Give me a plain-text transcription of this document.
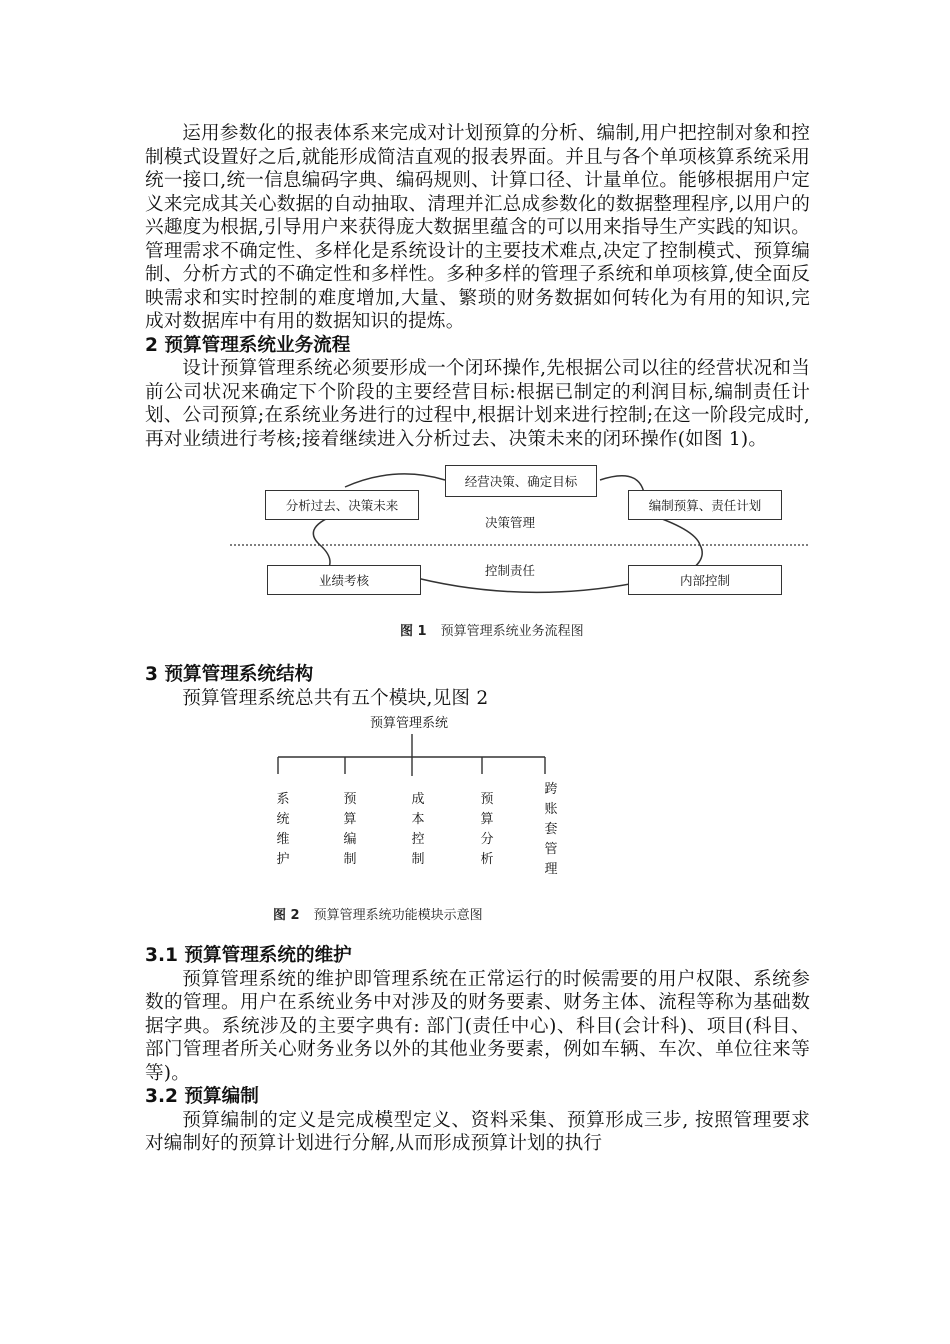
运用参数化的报表体系来完成对计划预算的分析、编制,用户把控制对象和控制模式设置好之后,就能形成简洁直观的报表界面。并且与各个单项核算系统采用统一接口,统一信息编码字典、编码规则、计算口径、计量单位。能够根据用户定义来完成其关心数据的自动抽取、清理并汇总成参数化的数据整理程序,以用户的兴趣度为根据,引导用户来获得庞大数据里蕴含的可以用来指导生产实践的知识。管理需求不确定性、多样化是系统设计的主要技术难点,决定了控制模式、预算编制、分析方式的不确定性和多样性。多种多样的管理子系统和单项核算,使全面反映需求和实时控制的难度增加,大量、繁琐的财务数据如何转化为有用的知识,完成对数据库中有用的数据知识的提炼。

2 预算管理系统业务流程

设计预算管理系统必须要形成一个闭环操作,先根据公司以往的经营状况和当前公司状况来确定下个阶段的主要经营目标:根据已制定的利润目标,编制责任计划、公司预算;在系统业务进行的过程中,根据计划来进行控制;在这一阶段完成时,再对业绩进行考核;接着继续进入分析过去、决策未来的闭环操作(如图 1)。

经营决策、确定目标
分析过去、决策未来	编制预算、责任计划
决策管理
业绩考核	内部控制
控制责任
图 1 预算管理系统业务流程图
3 预算管理系统结构

预算管理系统总共有五个模块,见图 2

预算管理系统
系统维护
预算编制
成本控制
预算分析
跨账套管理
图 2 预算管理系统功能模块示意图
3.1 预算管理系统的维护

预算管理系统的维护即管理系统在正常运行的时候需要的用户权限、系统参数的管理。用户在系统业务中对涉及的财务要素、财务主体、流程等称为基础数据字典。系统涉及的主要字典有: 部门(责任中心)、科目(会计科)、项目(科目、部门管理者所关心财务业务以外的其他业务要素，例如车辆、车次、单位往来等等)。

3.2 预算编制

预算编制的定义是完成模型定义、资料采集、预算形成三步, 按照管理要求对编制好的预算计划进行分解,从而形成预算计划的执行
